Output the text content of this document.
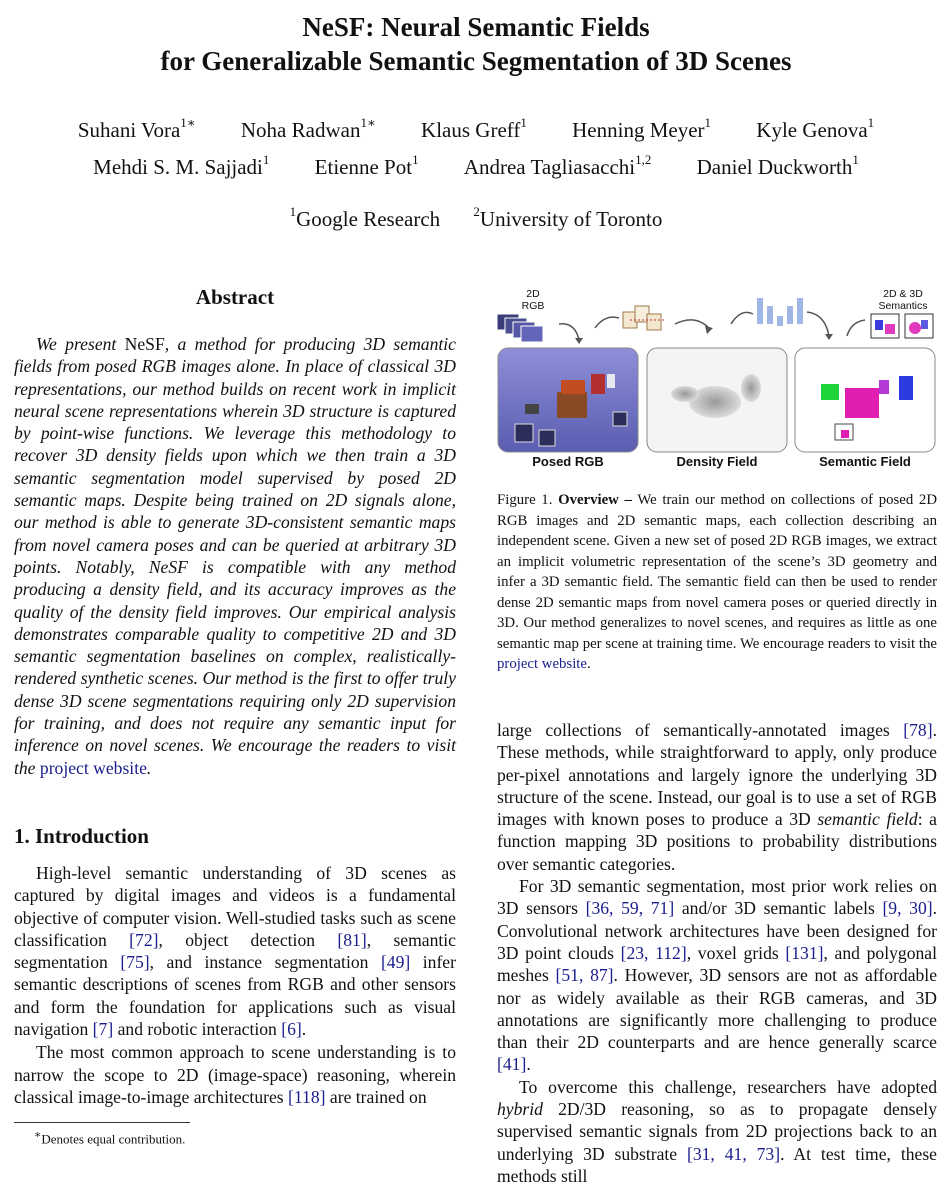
NeSF: Neural Semantic Fields
for Generalizable Semantic Segmentation of 3D Scenes
Suhani Vora$^{1∗}$ Noha Radwan$^{1∗}$ Klaus Greff$^1$ Henning Meyer$^1$ Kyle Genova$^1$
Mehdi S. M. Sajjadi$^1$ Etienne Pot$^1$ Andrea Tagliasacchi$^{1,2}$ Daniel Duckworth$^1$
$^1$Google Research	$^2$University of Toronto
Abstract
We present NeSF, a method for producing 3D semantic fields from posed RGB images alone. In place of classical 3D representations, our method builds on recent work in implicit neural scene representations wherein 3D structure is captured by point-wise functions. We leverage this methodology to recover 3D density fields upon which we then train a 3D semantic segmentation model supervised by posed 2D semantic maps. Despite being trained on 2D signals alone, our method is able to generate 3D-consistent semantic maps from novel camera poses and can be queried at arbitrary 3D points. Notably, NeSF is compatible with any method producing a density field, and its accuracy improves as the quality of the density field improves. Our empirical analysis demonstrates comparable quality to competitive 2D and 3D semantic segmentation baselines on complex, realistically-rendered synthetic scenes. Our method is the first to offer truly dense 3D scene segmentations requiring only 2D supervision for training, and does not require any semantic input for inference on novel scenes. We encourage the readers to visit the project website.
1. Introduction

High-level semantic understanding of 3D scenes as captured by digital images and videos is a fundamental objective of computer vision. Well-studied tasks such as scene classification [72], object detection [81], semantic segmentation [75], and instance segmentation [49] infer semantic descriptions of scenes from RGB and other sensors and form the foundation for applications such as visual navigation [7] and robotic interaction [6].

The most common approach to scene understanding is to narrow the scope to 2D (image-space) reasoning, wherein classical image-to-image architectures [118] are trained on

∗Denotes equal contribution.
2D
RGB
2D & 3D
Semantics
Posed RGB	Density Field	Semantic Field
Figure 1. Overview – We train our method on collections of posed 2D RGB images and 2D semantic maps, each collection describing an independent scene. Given a new set of posed 2D RGB images, we extract an implicit volumetric representation of the scene’s 3D geometry and infer a 3D semantic field. The semantic field can then be used to render dense 2D semantic maps from novel camera poses or queried directly in 3D. Our method generalizes to novel scenes, and requires as little as one semantic map per scene at training time. We encourage readers to visit the project website.

large collections of semantically-annotated images [78]. These methods, while straightforward to apply, only produce per-pixel annotations and largely ignore the underlying 3D structure of the scene. Instead, our goal is to use a set of RGB images with known poses to produce a 3D semantic field: a function mapping 3D positions to probability distributions over semantic categories.

For 3D semantic segmentation, most prior work relies on 3D sensors [36, 59, 71] and/or 3D semantic labels [9, 30]. Convolutional network architectures have been designed for 3D point clouds [23, 112], voxel grids [131], and polygonal meshes [51, 87]. However, 3D sensors are not as affordable nor as widely available as their RGB cameras, and 3D annotations are significantly more challenging to produce than their 2D counterparts and are hence generally scarce [41].

To overcome this challenge, researchers have adopted hybrid 2D/3D reasoning, so as to propagate densely supervised semantic signals from 2D projections back to an underlying 3D substrate [31, 41, 73]. At test time, these methods still
